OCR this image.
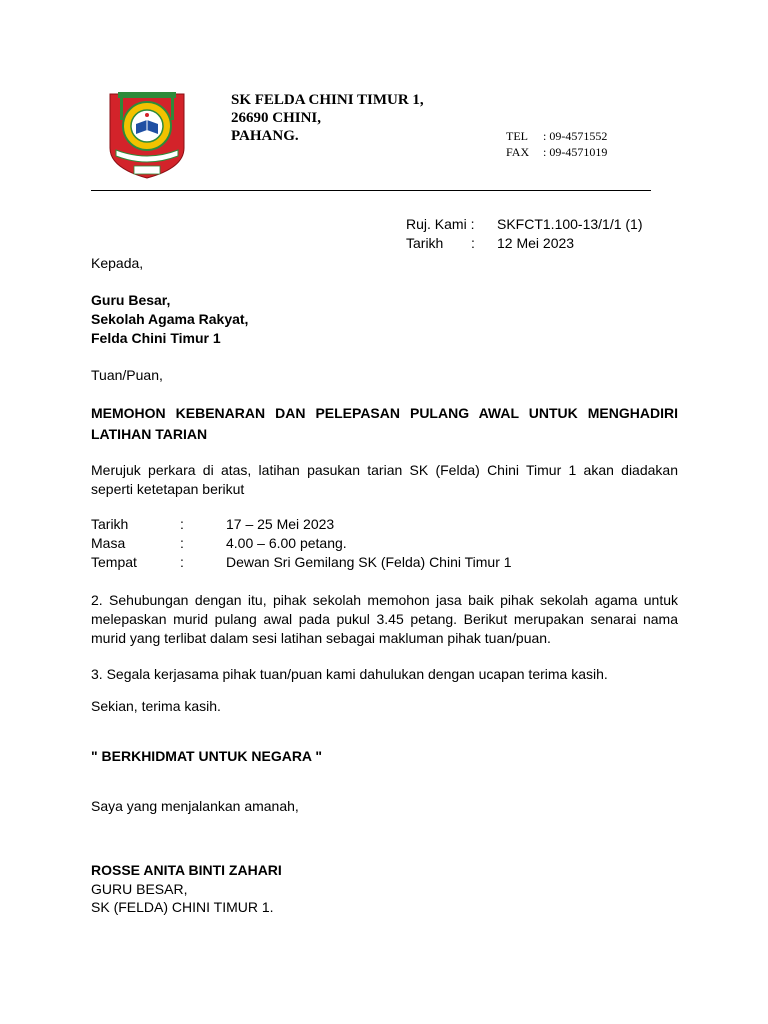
SK FELDA CHINI TIMUR 1,
26690 CHINI,
PAHANG.	TEL : 09-4571552
FAX : 09-4571019
Ruj. Kami : SKFCT1.100-13/1/1 (1)
Tarikh : 12 Mei 2023
Kepada,
Guru Besar,
Sekolah Agama Rakyat,
Felda Chini Timur 1
Tuan/Puan,
MEMOHON KEBENARAN DAN PELEPASAN PULANG AWAL UNTUK MENGHADIRI LATIHAN TARIAN

Merujuk perkara di atas, latihan pasukan tarian SK (Felda) Chini Timur 1 akan diadakan seperti ketetapan berikut

Tarikh	:	17 – 25 Mei 2023
Masa	:	4.00 – 6.00 petang.
Tempat	:	Dewan Sri Gemilang SK (Felda) Chini Timur 1

2. Sehubungan dengan itu, pihak sekolah memohon jasa baik pihak sekolah agama untuk melepaskan murid pulang awal pada pukul 3.45 petang. Berikut merupakan senarai nama murid yang terlibat dalam sesi latihan sebagai makluman pihak tuan/puan.

3. Segala kerjasama pihak tuan/puan kami dahulukan dengan ucapan terima kasih.
Sekian, terima kasih.
" BERKHIDMAT UNTUK NEGARA "
Saya yang menjalankan amanah,
ROSSE ANITA BINTI ZAHARI
GURU BESAR,
SK (FELDA) CHINI TIMUR 1.
